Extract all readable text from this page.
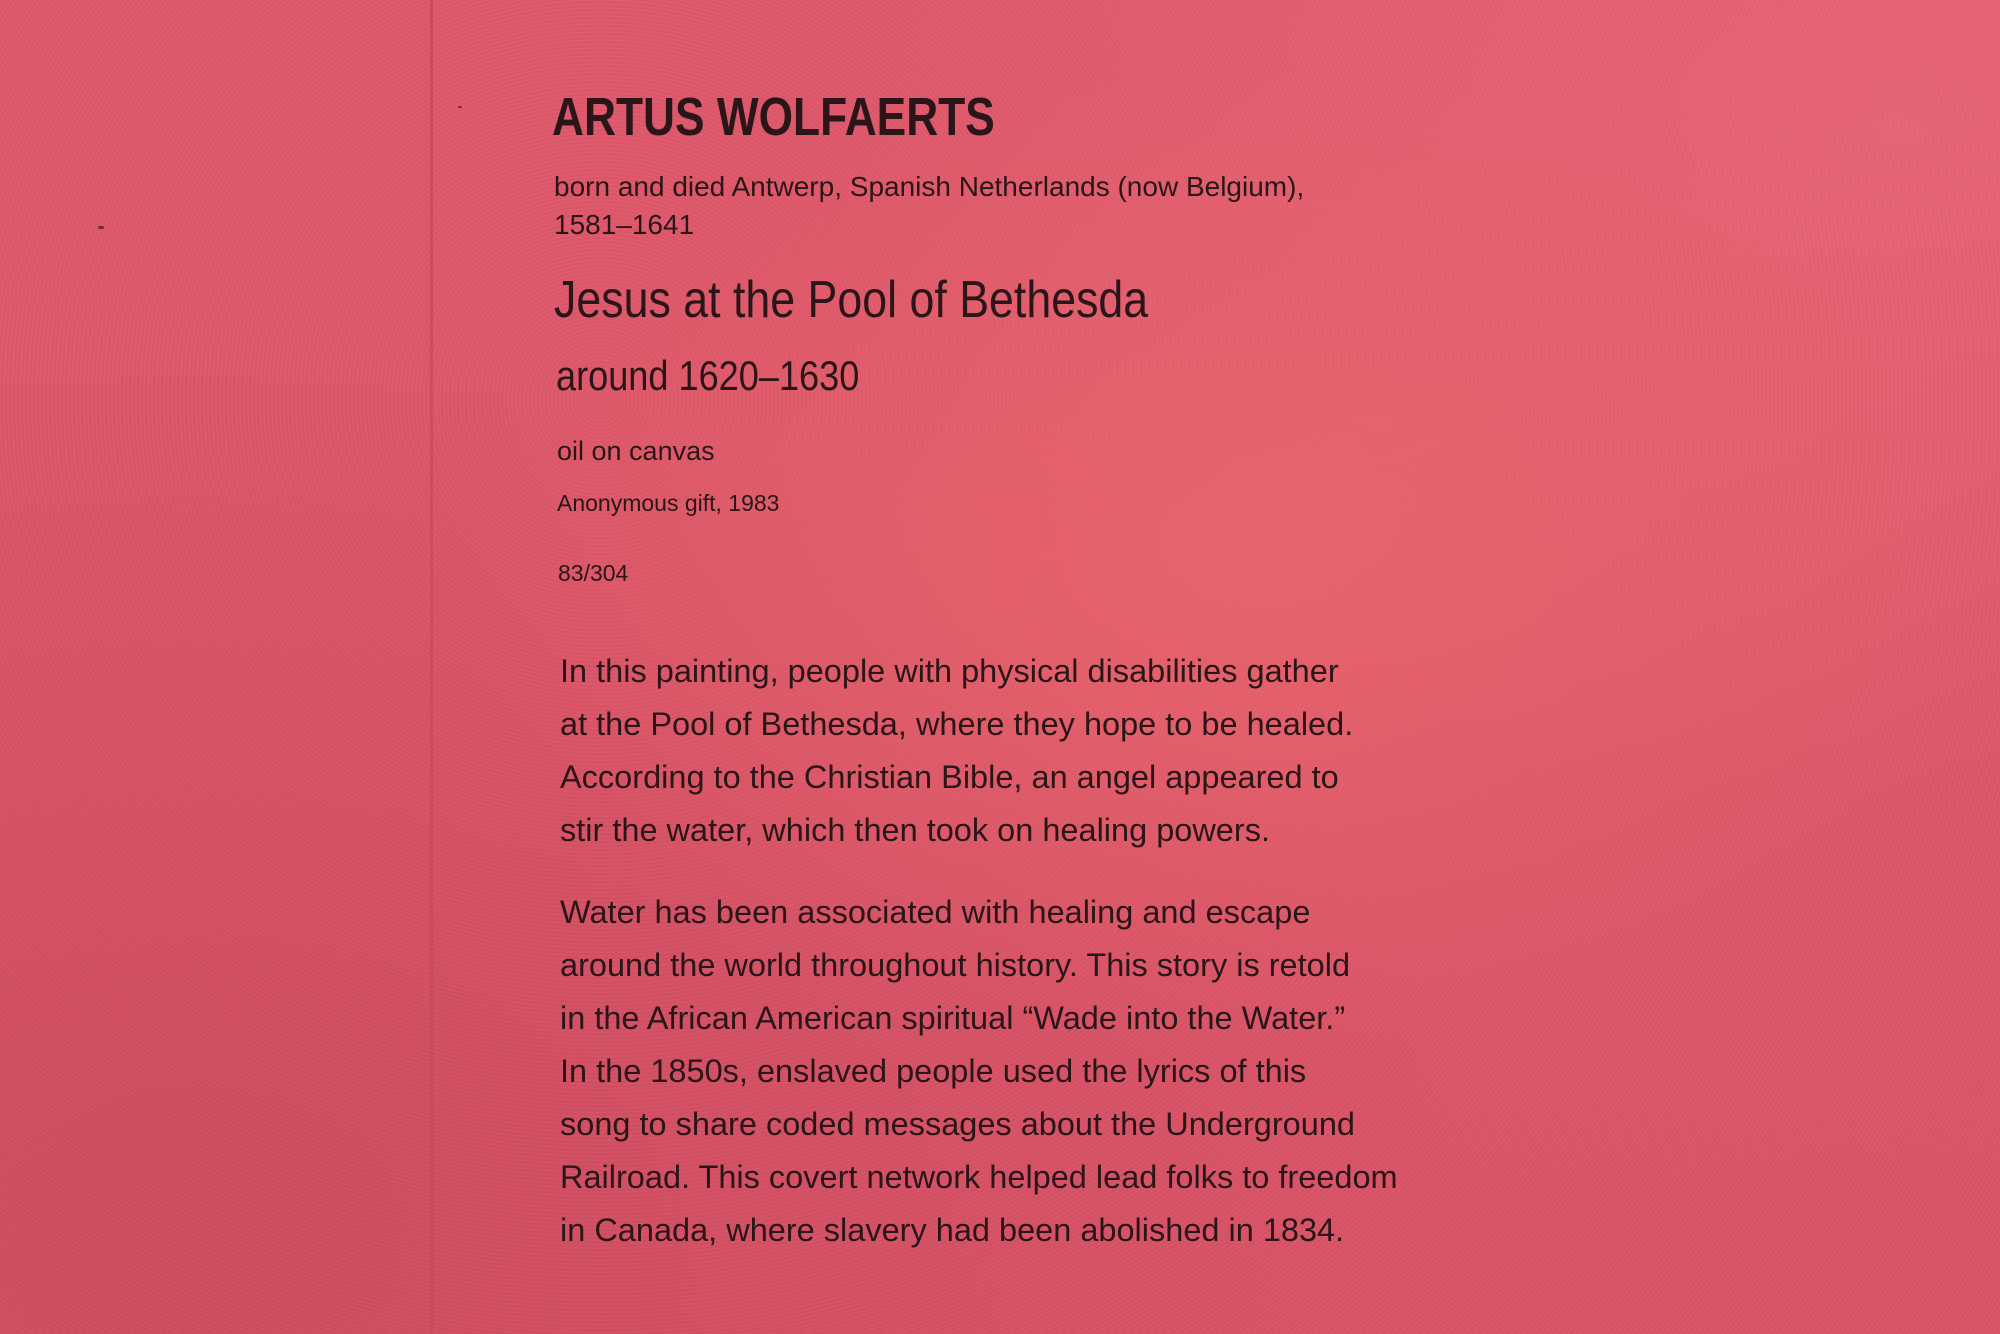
ARTUS WOLFAERTS
born and died Antwerp, Spanish Netherlands (now Belgium),
1581–1641
Jesus at the Pool of Bethesda
around 1620–1630
oil on canvas
Anonymous gift, 1983
83/304

In this painting, people with physical disabilities gather
at the Pool of Bethesda, where they hope to be healed.
According to the Christian Bible, an angel appeared to
stir the water, which then took on healing powers.

Water has been associated with healing and escape
around the world throughout history. This story is retold
in the African American spiritual “Wade into the Water.”
In the 1850s, enslaved people used the lyrics of this
song to share coded messages about the Underground
Railroad. This covert network helped lead folks to freedom
in Canada, where slavery had been abolished in 1834.
